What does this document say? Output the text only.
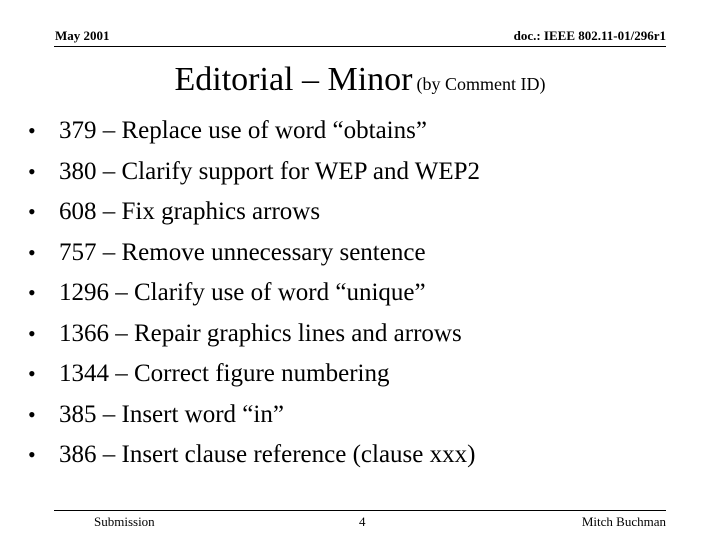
May 2001	doc.: IEEE 802.11-01/296r1
Editorial – Minor (by Comment ID)
• 379 – Replace use of word “obtains”
• 380 – Clarify support for WEP and WEP2
• 608 – Fix graphics arrows
• 757 – Remove unnecessary sentence
• 1296 – Clarify use of word “unique”
• 1366 – Repair graphics lines and arrows
• 1344 – Correct figure numbering
• 385 – Insert word “in”
• 386 – Insert clause reference (clause xxx)
Submission	4	Mitch Buchman
